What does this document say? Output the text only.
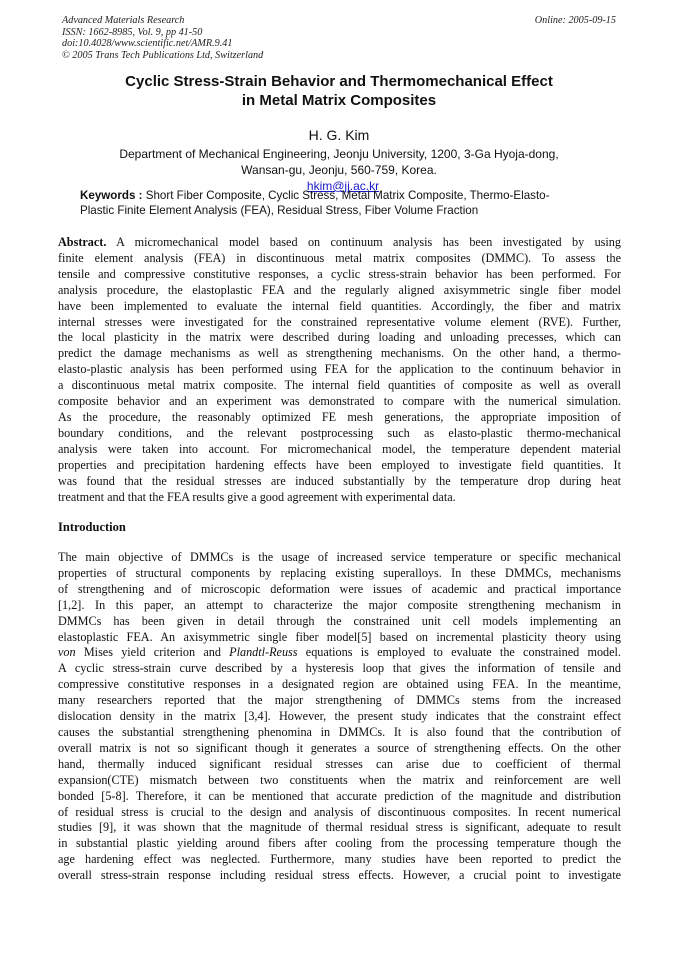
Advanced Materials Research
ISSN: 1662-8985, Vol. 9, pp 41-50
doi:10.4028/www.scientific.net/AMR.9.41
© 2005 Trans Tech Publications Ltd, Switzerland
Online: 2005-09-15
Cyclic Stress-Strain Behavior and Thermomechanical Effect
in Metal Matrix Composites
H. G. Kim
Department of Mechanical Engineering, Jeonju University, 1200, 3-Ga Hyoja-dong,
Wansan-gu, Jeonju, 560-759, Korea.
hkim@jj.ac.kr
Keywords : Short Fiber Composite, Cyclic Stress, Metal Matrix Composite, Thermo-Elasto-
Plastic Finite Element Analysis (FEA), Residual Stress, Fiber Volume Fraction
Abstract. A micromechanical model based on continuum analysis has been investigated by using
finite element analysis (FEA) in discontinuous metal matrix composites (DMMC). To assess the
tensile and compressive constitutive responses, a cyclic stress-strain behavior has been performed. For
analysis procedure, the elastoplastic FEA and the regularly aligned axisymmetric single fiber model
have been implemented to evaluate the internal field quantities. Accordingly, the fiber and matrix
internal stresses were investigated for the constrained representative volume element (RVE). Further,
the local plasticity in the matrix were described during loading and unloading precesses, which can
predict the damage mechanisms as well as strengthening mechanisms. On the other hand, a thermo-
elasto-plastic analysis has been performed using FEA for the application to the continuum behavior in
a discontinuous metal matrix composite. The internal field quantities of composite as well as overall
composite behavior and an experiment was demonstrated to compare with the numerical simulation.
As the procedure, the reasonably optimized FE mesh generations, the appropriate imposition of
boundary conditions, and the relevant postprocessing such as elasto-plastic thermo-mechanical
analysis were taken into account. For micromechanical model, the temperature dependent material
properties and precipitation hardening effects have been employed to investigate field quantities. It
was found that the residual stresses are induced substantially by the temperature drop during heat
treatment and that the FEA results give a good agreement with experimental data.
Introduction
The main objective of DMMCs is the usage of increased service temperature or specific mechanical
properties of structural components by replacing existing superalloys. In these DMMCs, mechanisms
of strengthening and of microscopic deformation were issues of academic and practical importance
[1,2]. In this paper, an attempt to characterize the major composite strengthening mechanism in
DMMCs has been given in detail through the constrained unit cell models implementing an
elastoplastic FEA. An axisymmetric single fiber model[5] based on incremental plasticity theory using
von Mises yield criterion and Plandtl-Reuss equations is employed to evaluate the constrained model.
A cyclic stress-strain curve described by a hysteresis loop that gives the information of tensile and
compressive constitutive responses in a designated region are obtained using FEA. In the meantime,
many researchers reported that the major strengthening of DMMCs stems from the increased
dislocation density in the matrix [3,4]. However, the present study indicates that the constraint effect
causes the substantial strengthening phenomina in DMMCs. It is also found that the contribution of
overall matrix is not so significant though it generates a source of strengthening effects. On the other
hand, thermally induced significant residual stresses can arise due to coefficient of thermal
expansion(CTE) mismatch between two constituents when the matrix and reinforcement are well
bonded [5-8]. Therefore, it can be mentioned that accurate prediction of the magnitude and distribution
of residual stress is crucial to the design and analysis of discontinuous composites. In recent numerical
studies [9], it was shown that the magnitude of thermal residual stress is significant, adequate to result
in substantial plastic yielding around fibers after cooling from the processing temperature though the
age hardening effect was neglected. Furthermore, many studies have been reported to predict the
overall stress-strain response including residual stress effects. However, a crucial point to investigate
